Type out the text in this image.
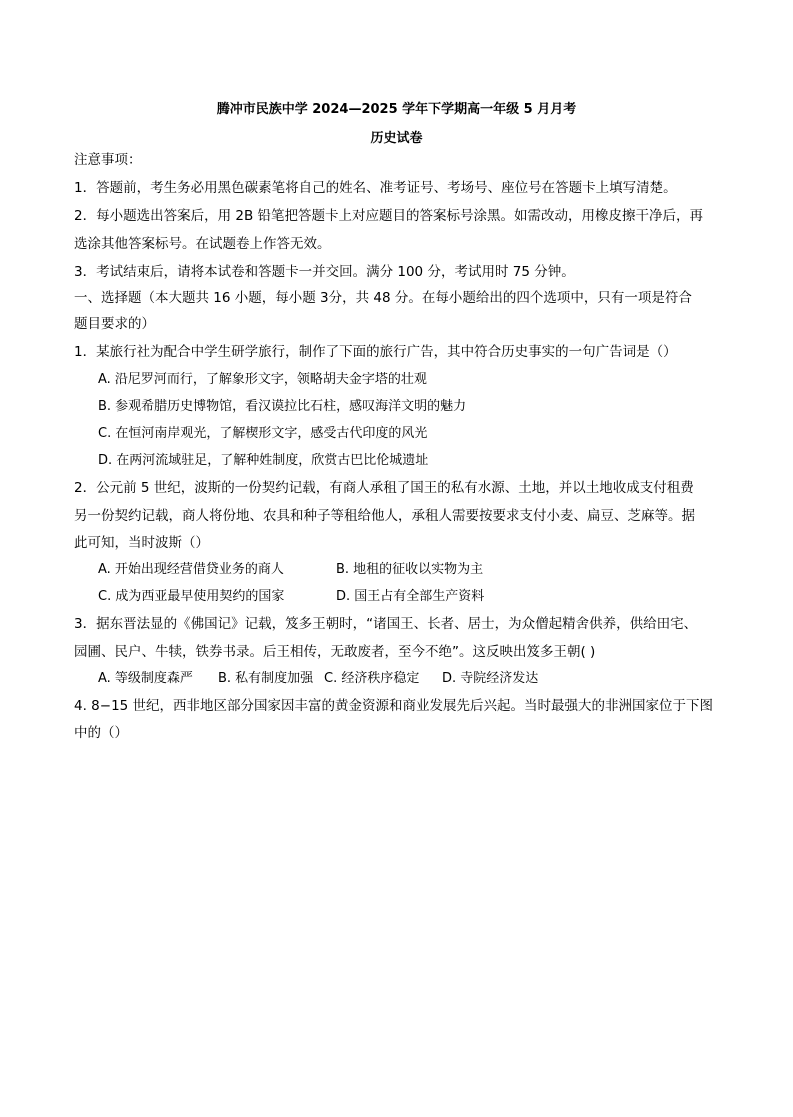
腾冲市民族中学 2024—2025 学年下学期高一年级 5 月月考
历史试卷
注意事项：
1．答题前，考生务必用黑色碳素笔将自己的姓名、准考证号、考场号、座位号在答题卡上填写清楚。
2．每小题选出答案后，用 2B 铅笔把答题卡上对应题目的答案标号涂黑。如需改动，用橡皮擦干净后，再
选涂其他答案标号。在试题卷上作答无效。
3．考试结束后，请将本试卷和答题卡一并交回。满分 100 分，考试用时 75 分钟。
一、选择题（本大题共 16 小题，每小题 3分，共 48 分。在每小题给出的四个选项中，只有一项是符合
题目要求的）
1．某旅行社为配合中学生研学旅行，制作了下面的旅行广告，其中符合历史事实的一句广告词是（）
A. 沿尼罗河而行，了解象形文字，领略胡夫金字塔的壮观
B. 参观希腊历史博物馆，看汉谟拉比石柱，感叹海洋文明的魅力
C. 在恒河南岸观光，了解楔形文字，感受古代印度的风光
D. 在两河流域驻足，了解种姓制度，欣赏古巴比伦城遗址
2．公元前 5 世纪，波斯的一份契约记载，有商人承租了国王的私有水源、土地，并以土地收成支付租费
另一份契约记载，商人将份地、农具和种子等租给他人，承租人需要按要求支付小麦、扁豆、芝麻等。据
此可知，当时波斯（）
A. 开始出现经营借贷业务的商人	B. 地租的征收以实物为主
C. 成为西亚最早使用契约的国家	D. 国王占有全部生产资料
3．据东晋法显的《佛国记》记载，笈多王朝时，“诸国王、长者、居士，为众僧起精舍供养，供给田宅、
园圃、民户、牛犊，铁券书录。后王相传，无敢废者，至今不绝”。这反映出笈多王朝( )
A. 等级制度森严 B. 私有制度加强 C. 经济秩序稳定 D. 寺院经济发达
4. 8−15 世纪，西非地区部分国家因丰富的黄金资源和商业发展先后兴起。当时最强大的非洲国家位于下图
中的（）
